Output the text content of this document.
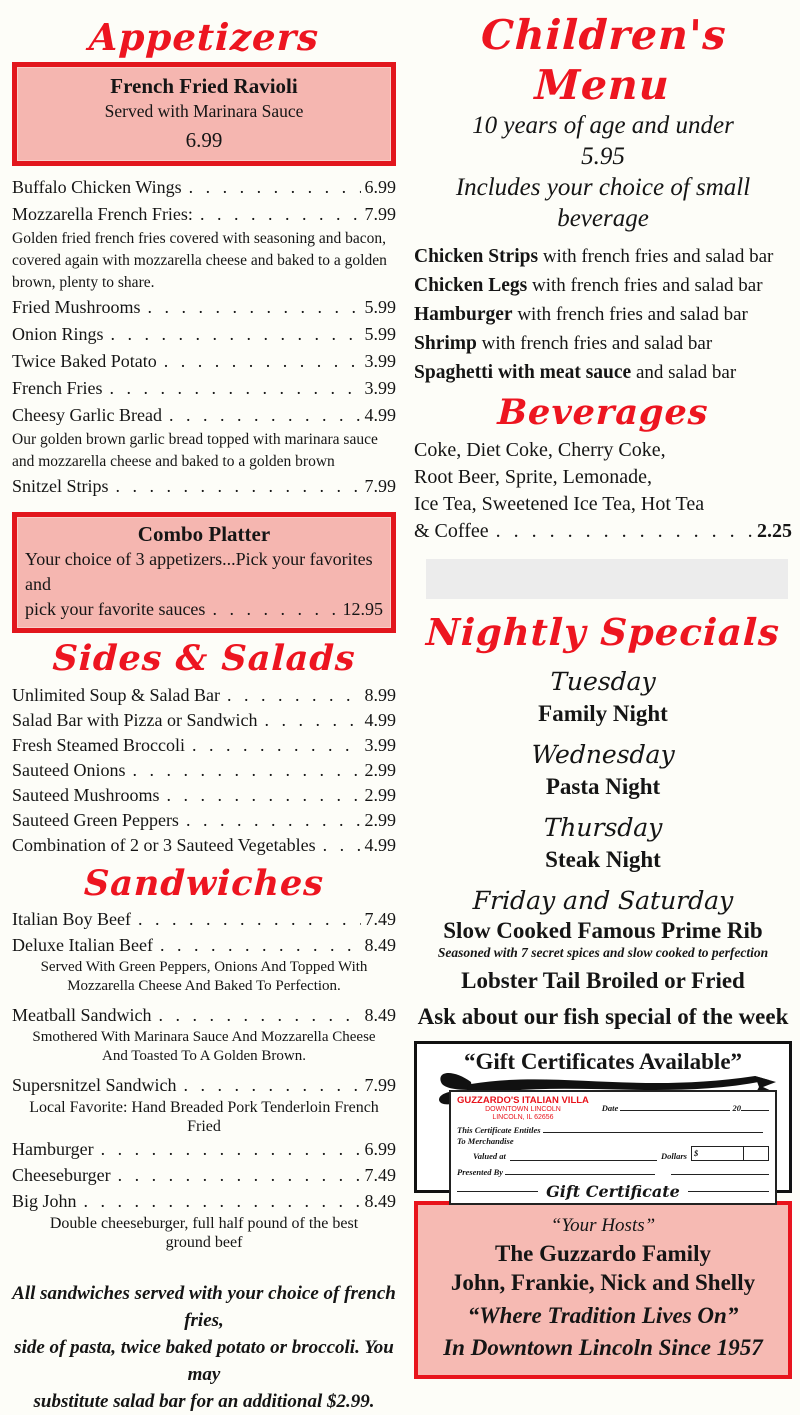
Appetizers
French Fried Ravioli
Served with Marinara Sauce
6.99
Buffalo Chicken Wings . . .	6.99
Mozzarella French Fries: . . .	7.99
Golden fried french fries covered with seasoning and bacon, covered again with mozzarella cheese and baked to a golden brown, plenty to share.
Fried Mushrooms . . .	5.99
Onion Rings . . .	5.99
Twice Baked Potato . . .	3.99
French Fries . . .	3.99
Cheesy Garlic Bread . . .	4.99
Our golden brown garlic bread topped with marinara sauce and mozzarella cheese and baked to a golden brown
Snitzel Strips . . .	7.99
Combo Platter
Your choice of 3 appetizers...Pick your favorites and
pick your favorite sauces . . .	12.95
Sides & Salads
Unlimited Soup & Salad Bar . . .	8.99
Salad Bar with Pizza or Sandwich . . .	4.99
Fresh Steamed Broccoli . . .	3.99
Sauteed Onions . . .	2.99
Sauteed Mushrooms . . .	2.99
Sauteed Green Peppers . . .	2.99
Combination of 2 or 3 Sauteed Vegetables . . .	4.99
Sandwiches
Italian Boy Beef . . .	7.49
Deluxe Italian Beef . . .	8.49
Served With Green Peppers, Onions And Topped With Mozzarella Cheese And Baked To Perfection.
Meatball Sandwich . . .	8.49
Smothered With Marinara Sauce And Mozzarella Cheese And Toasted To A Golden Brown.
Supersnitzel Sandwich . . .	7.99
Local Favorite: Hand Breaded Pork Tenderloin French Fried
Hamburger . . .	6.99
Cheeseburger . . .	7.49
Big John . . .	8.49
Double cheeseburger, full half pound of the best ground beef
All sandwiches served with your choice of french fries,
side of pasta, twice baked potato or broccoli. You may
substitute salad bar for an additional $2.99.
Children's Menu
10 years of age and under
5.95
Includes your choice of small beverage
Chicken Strips with french fries and salad bar
Chicken Legs with french fries and salad bar
Hamburger with french fries and salad bar
Shrimp with french fries and salad bar
Spaghetti with meat sauce and salad bar
Beverages
Coke, Diet Coke, Cherry Coke,
Root Beer, Sprite, Lemonade,
Ice Tea, Sweetened Ice Tea, Hot Tea
& Coffee . . .	2.25
Nightly Specials
Tuesday
Family Night
Wednesday
Pasta Night
Thursday
Steak Night
Friday and Saturday
Slow Cooked Famous Prime Rib
Seasoned with 7 secret spices and slow cooked to perfection
Lobster Tail Broiled or Fried
Ask about our fish special of the week
“Gift Certificates Available”
GUZZARDO'S ITALIAN VILLA
DOWNTOWN LINCOLN
LINCOLN, IL 62656
Date	20
This Certificate Entitles
To Merchandise
Valued at	Dollars $
Presented By
Gift Certificate
“Your Hosts”
The Guzzardo Family
John, Frankie, Nick and Shelly
“Where Tradition Lives On”
In Downtown Lincoln Since 1957
